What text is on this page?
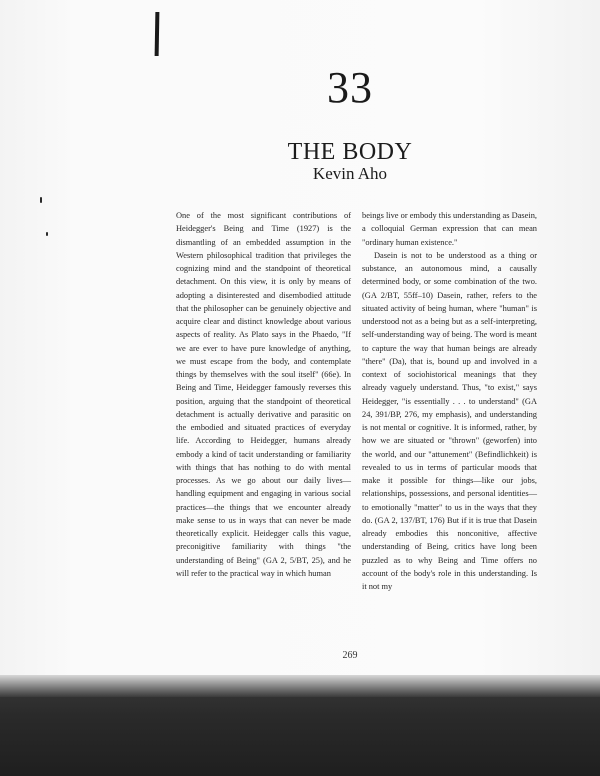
33
THE BODY
Kevin Aho

One of the most significant contributions of Heidegger's Being and Time (1927) is the dismantling of an embedded assumption in the Western philosophical tradition that privileges the cognizing mind and the standpoint of theoretical detachment. On this view, it is only by means of adopting a disinterested and disembodied attitude that the philosopher can be genuinely objective and acquire clear and distinct knowledge about various aspects of reality. As Plato says in the Phaedo, "If we are ever to have pure knowledge of anything, we must escape from the body, and contemplate things by themselves with the soul itself" (66e). In Being and Time, Heidegger famously reverses this position, arguing that the standpoint of theoretical detachment is actually derivative and parasitic on the embodied and situated practices of everyday life. According to Heidegger, humans already embody a kind of tacit understanding or familiarity with things that has nothing to do with mental processes. As we go about our daily lives—handling equipment and engaging in various social practices—the things that we encounter already make sense to us in ways that can never be made theoretically explicit. Heidegger calls this vague, preconigitive familiarity with things "the understanding of Being" (GA 2, 5/BT, 25), and he will refer to the practical way in which human

beings live or embody this understanding as Dasein, a colloquial German expression that can mean "ordinary human existence."

Dasein is not to be understood as a thing or substance, an autonomous mind, a causally determined body, or some combination of the two. (GA 2/BT, 55ff–10) Dasein, rather, refers to the situated activity of being human, where "human" is understood not as a being but as a self-interpreting, self-understanding way of being. The word is meant to capture the way that human beings are already "there" (Da), that is, bound up and involved in a context of sociohistorical meanings that they already vaguely understand. Thus, "to exist," says Heidegger, "is essentially . . . to understand" (GA 24, 391/BP, 276, my emphasis), and understanding is not mental or cognitive. It is informed, rather, by how we are situated or "thrown" (geworfen) into the world, and our "attunement" (Befindlichkeit) is revealed to us in terms of particular moods that make it possible for things—like our jobs, relationships, possessions, and personal identities—to emotionally "matter" to us in the ways that they do. (GA 2, 137/BT, 176) But if it is true that Dasein already embodies this nonconitive, affective understanding of Being, critics have long been puzzled as to why Being and Time offers no account of the body's role in this understanding. Is it not my

269
